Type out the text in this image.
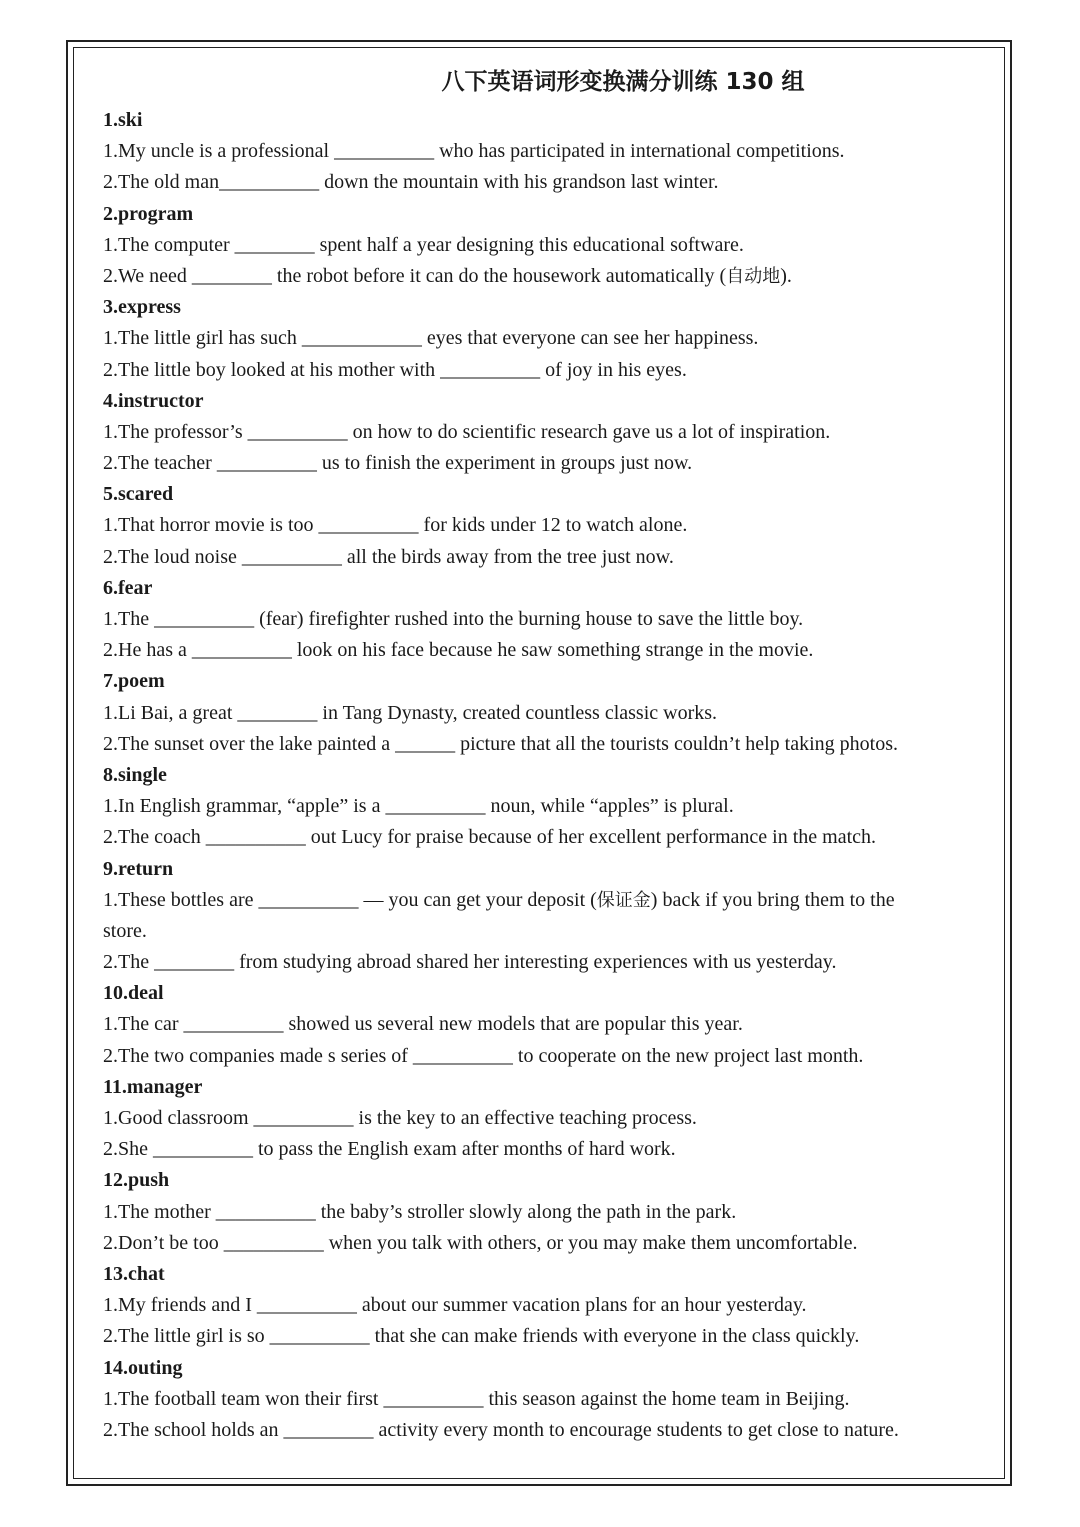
八下英语词形变换满分训练 130 组
1.ski
1.My uncle is a professional __________ who has participated in international competitions.
2.The old man__________ down the mountain with his grandson last winter.
2.program
1.The computer ________ spent half a year designing this educational software.
2.We need ________ the robot before it can do the housework automatically (自动地).
3.express
1.The little girl has such ____________ eyes that everyone can see her happiness.
2.The little boy looked at his mother with __________ of joy in his eyes.
4.instructor
1.The professor’s __________ on how to do scientific research gave us a lot of inspiration.
2.The teacher __________ us to finish the experiment in groups just now.
5.scared
1.That horror movie is too __________ for kids under 12 to watch alone.
2.The loud noise __________ all the birds away from the tree just now.
6.fear
1.The __________ (fear) firefighter rushed into the burning house to save the little boy.
2.He has a __________ look on his face because he saw something strange in the movie.
7.poem
1.Li Bai, a great ________ in Tang Dynasty, created countless classic works.
2.The sunset over the lake painted a ______ picture that all the tourists couldn’t help taking photos.
8.single
1.In English grammar, “apple” is a __________ noun, while “apples” is plural.
2.The coach __________ out Lucy for praise because of her excellent performance in the match.
9.return
1.These bottles are __________ — you can get your deposit (保证金) back if you bring them to the
store.
2.The ________ from studying abroad shared her interesting experiences with us yesterday.
10.deal
1.The car __________ showed us several new models that are popular this year.
2.The two companies made s series of __________ to cooperate on the new project last month.
11.manager
1.Good classroom __________ is the key to an effective teaching process.
2.She __________ to pass the English exam after months of hard work.
12.push
1.The mother __________ the baby’s stroller slowly along the path in the park.
2.Don’t be too __________ when you talk with others, or you may make them uncomfortable.
13.chat
1.My friends and I __________ about our summer vacation plans for an hour yesterday.
2.The little girl is so __________ that she can make friends with everyone in the class quickly.
14.outing
1.The football team won their first __________ this season against the home team in Beijing.
2.The school holds an _________ activity every month to encourage students to get close to nature.
